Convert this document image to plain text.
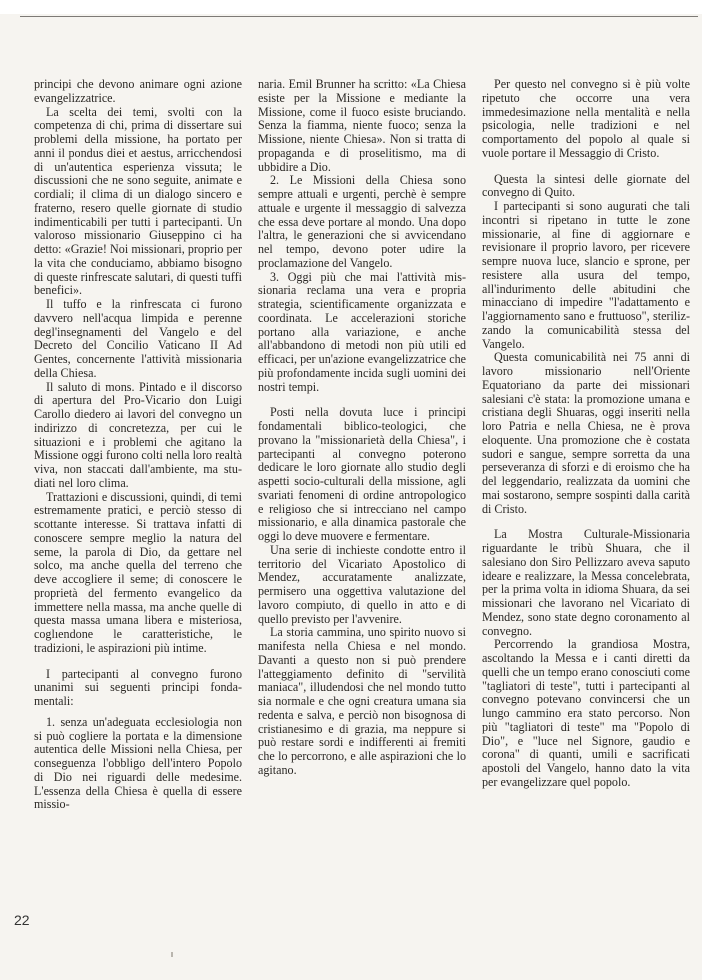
principi che devono animare ogni azione evangelizzatrice.

La scelta dei temi, svolti con la competenza di chi, prima di dissertare sui problemi della missione, ha portato per anni il pondus diei et aestus, arricchendosi di un'autentica esperienza vissuta; le discussioni che ne sono seguite, animate e cordiali; il clima di un dialogo sincero e fraterno, resero quelle giornate di studio indimenticabili per tutti i partecipanti. Un valoroso missionario Giuseppino ci ha detto: «Grazie! Noi missionari, proprio per la vita che conduciamo, abbiamo bisogno di queste rinfrescate salutari, di questi tuffi benefici».

Il tuffo e la rinfrescata ci furono davvero nell'acqua limpida e perenne degl'insegnamenti del Vangelo e del Decreto del Concilio Vaticano II Ad Gentes, concernente l'attività missionaria della Chiesa.

Il saluto di mons. Pintado e il discorso di apertura del Pro-Vicario don Luigi Carollo diedero ai lavori del convegno un indirizzo di concretezza, per cui le situazioni e i problemi che agitano la Missione oggi furono colti nella loro realtà viva, non staccati dall'ambiente, ma studiati nel loro clima.

Trattazioni e discussioni, quindi, di temi estremamente pratici, e perciò stesso di scottante interesse. Si trattava infatti di conoscere sempre meglio la natura del seme, la parola di Dio, da gettare nel solco, ma anche quella del terreno che deve accogliere il seme; di conoscere le proprietà del fermento evangelico da immettere nella massa, ma anche quelle di questa massa umana libera e misteriosa, coglıendone le caratteristiche, le tradizioni, le aspirazioni più intime.

I partecipanti al convegno furono unanimi sui seguenti principi fondamentali:

1. senza un'adeguata ecclesiologia non si può cogliere la portata e la dimensione autentica delle Missioni nella Chiesa, per conseguenza l'obbligo dell'intero Popolo di Dio nei riguardi delle medesime. L'essenza della Chiesa è quella di essere missio-

naria. Emil Brunner ha scritto: «La Chiesa esiste per la Missione e mediante la Missione, come il fuoco esiste bruciando. Senza la fiamma, niente fuoco; senza la Missione, niente Chiesa». Non si tratta di propaganda e di proselitismo, ma di ubbidire a Dio.

2. Le Missioni della Chiesa sono sempre attuali e urgenti, perchè è sempre attuale e urgente il messaggio di salvezza che essa deve portare al mondo. Una dopo l'altra, le generazioni che si avvicendano nel tempo, devono poter udire la proclamazione del Vangelo.

3. Oggi più che mai l'attività missionaria reclama una vera e propria strategia, scientificamente organizzata e coordinata. Le accelerazioni storiche portano alla variazione, e anche all'abbandono di metodi non più utili ed efficaci, per un'azione evangelizzatrice che più profondamente incida sugli uomini dei nostri tempi.

Posti nella dovuta luce i principi fondamentali biblico-teologici, che provano la "missionarietà della Chiesa", i partecipanti al convegno poterono dedicare le loro giornate allo studio degli aspetti socio-culturali della missione, agli svariati fenomeni di ordine antropologico e religioso che si intrecciano nel campo missionario, e alla dinamica pastorale che oggi lo deve muovere e fermentare.

Una serie di inchieste condotte entro il territorio del Vicariato Apostolico di Mendez, accuratamente analizzate, permisero una oggettiva valutazione del lavoro compiuto, di quello in atto e di quello previsto per l'avvenire.

La storia cammina, uno spirito nuovo si manifesta nella Chiesa e nel mondo. Davanti a questo non si può prendere l'atteggiamento definito di "servilità maniaca", illudendosi che nel mondo tutto sia normale e che ogni creatura umana sia redenta e salva, e perciò non bisognosa di cristianesimo e di grazia, ma neppure si può restare sordi e indifferenti ai fremiti che lo percorrono, e alle aspirazioni che lo agitano.

Per questo nel convegno si è più volte ripetuto che occorre una vera immedesimazione nella mentalità e nella psicologia, nelle tradizioni e nel comportamento del popolo al quale si vuole portare il Messaggio di Cristo.

Questa la sintesi delle giornate del convegno di Quito.

I partecipanti si sono augurati che tali incontri si ripetano in tutte le zone missionarie, al fine di aggiornare e revisionare il proprio lavoro, per ricevere sempre nuova luce, slancio e sprone, per resistere alla usura del tempo, all'indurimento delle abitudini che minacciano di impedire "l'adattamento e l'aggiornamento sano e fruttuoso", sterilizzando la comunicabilità stessa del Vangelo.

Questa comunicabilità nei 75 anni di lavoro missionario nell'Oriente Equatoriano da parte dei missionari salesiani c'è stata: la promozione umana e cristiana degli Shuaras, oggi inseriti nella loro Patria e nella Chiesa, ne è prova eloquente. Una promozione che è costata sudori e sangue, sempre sorretta da una perseveranza di sforzi e di eroismo che ha del leggendario, realizzata da uomini che mai sostarono, sempre sospinti dalla carità di Cristo.

La Mostra Culturale-Missionaria riguardante le tribù Shuara, che il salesiano don Siro Pellizzaro aveva saputo ideare e realizzare, la Messa concelebrata, per la prima volta in idioma Shuara, da sei missionari che lavorano nel Vicariato di Mendez, sono state degno coronamento al convegno.

Percorrendo la grandiosa Mostra, ascoltando la Messa e i canti diretti da quelli che un tempo erano conosciuti come "tagliatori di teste", tutti i partecipanti al convegno potevano convincersi che un lungo cammino era stato percorso. Non più "tagliatori di teste" ma "Popolo di Dio", e "luce nel Signore, gaudio e corona" di quanti, umili e sacrificati apostoli del Vangelo, hanno dato la vita per evangelizzare quel popolo.

22
